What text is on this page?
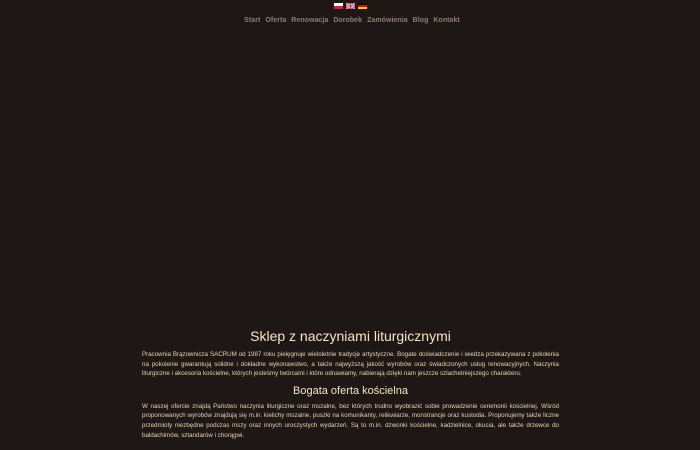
Start Oferta Renowacja Dorobek Zamówienia Blog Kontakt
Sklep z naczyniami liturgicznymi

Pracownia Brązownicza SACRUM od 1987 roku pielęgnuje wieloletnie tradycje artystyczne. Bogate doświadczenie i wiedza przekazywana z pokolenia na pokolenie gwarantują solidne i dokładne wykonawstwo, a także najwyższą jakość wyrobów oraz świadczonych usług renowacyjnych. Naczynia liturgiczne i akcesoria kościelne, których jesteśmy twórcami i które odnawiamy, nabierają dzięki nam jeszcze szlachetniejszego charakteru.

Bogata oferta kościelna

W naszej ofercie znajdą Państwo naczynia liturgiczne oraz mszalne, bez których trudno wyobrazić sobie prowadzenie ceremonii kościelnej. Wśród proponowanych wyrobów znajdują się m.in. kielichy mszalne, puszki na komunikanty, relikwiarze, monstrancje oraz kustodia. Proponujemy także liczne przedmioty niezbędne podczas mszy oraz innych uroczystych wydarzeń. Są to m.in. dzwonki kościelne, kadzielnice, okucia, ale także drzewce do baldachimów, sztandarów i chorągwi.
